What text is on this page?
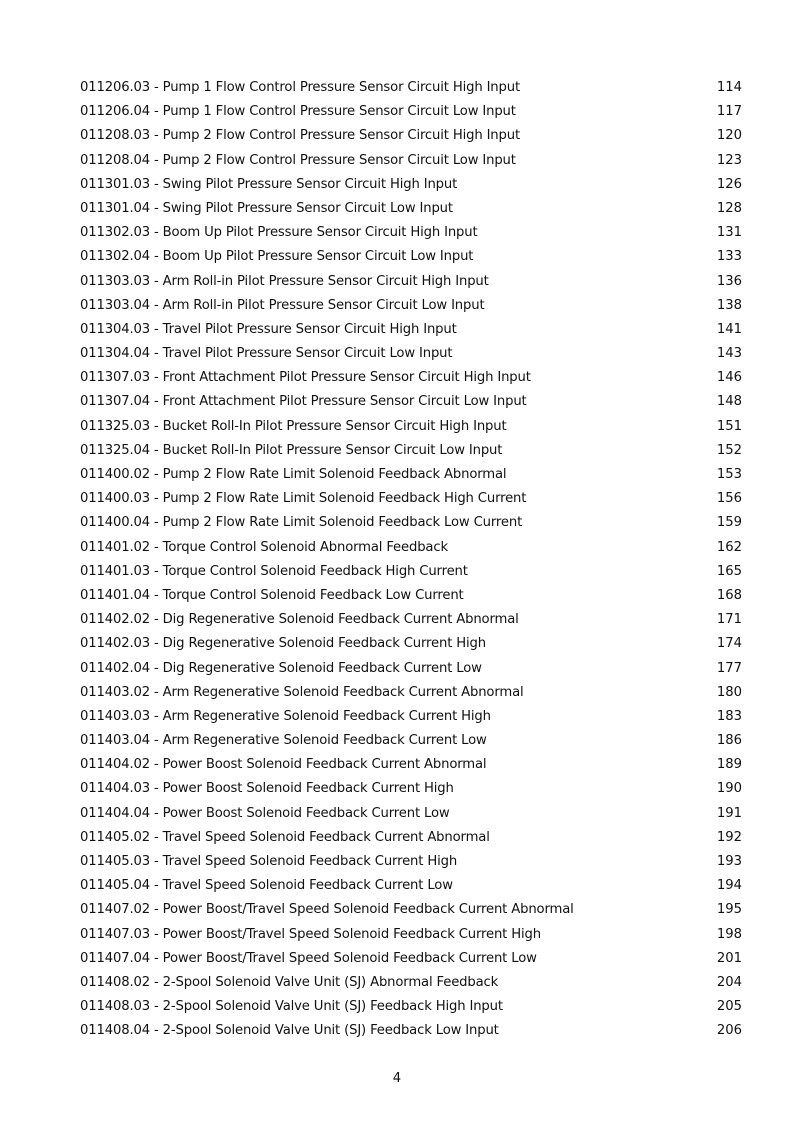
011206.03 - Pump 1 Flow Control Pressure Sensor Circuit High Input	114
011206.04 - Pump 1 Flow Control Pressure Sensor Circuit Low Input	117
011208.03 - Pump 2 Flow Control Pressure Sensor Circuit High Input	120
011208.04 - Pump 2 Flow Control Pressure Sensor Circuit Low Input	123
011301.03 - Swing Pilot Pressure Sensor Circuit High Input	126
011301.04 - Swing Pilot Pressure Sensor Circuit Low Input	128
011302.03 - Boom Up Pilot Pressure Sensor Circuit High Input	131
011302.04 - Boom Up Pilot Pressure Sensor Circuit Low Input	133
011303.03 - Arm Roll-in Pilot Pressure Sensor Circuit High Input	136
011303.04 - Arm Roll-in Pilot Pressure Sensor Circuit Low Input	138
011304.03 - Travel Pilot Pressure Sensor Circuit High Input	141
011304.04 - Travel Pilot Pressure Sensor Circuit Low Input	143
011307.03 - Front Attachment Pilot Pressure Sensor Circuit High Input	146
011307.04 - Front Attachment Pilot Pressure Sensor Circuit Low Input	148
011325.03 - Bucket Roll-In Pilot Pressure Sensor Circuit High Input	151
011325.04 - Bucket Roll-In Pilot Pressure Sensor Circuit Low Input	152
011400.02 - Pump 2 Flow Rate Limit Solenoid Feedback Abnormal	153
011400.03 - Pump 2 Flow Rate Limit Solenoid Feedback High Current	156
011400.04 - Pump 2 Flow Rate Limit Solenoid Feedback Low Current	159
011401.02 - Torque Control Solenoid Abnormal Feedback	162
011401.03 - Torque Control Solenoid Feedback High Current	165
011401.04 - Torque Control Solenoid Feedback Low Current	168
011402.02 - Dig Regenerative Solenoid Feedback Current Abnormal	171
011402.03 - Dig Regenerative Solenoid Feedback Current High	174
011402.04 - Dig Regenerative Solenoid Feedback Current Low	177
011403.02 - Arm Regenerative Solenoid Feedback Current Abnormal	180
011403.03 - Arm Regenerative Solenoid Feedback Current High	183
011403.04 - Arm Regenerative Solenoid Feedback Current Low	186
011404.02 - Power Boost Solenoid Feedback Current Abnormal	189
011404.03 - Power Boost Solenoid Feedback Current High	190
011404.04 - Power Boost Solenoid Feedback Current Low	191
011405.02 - Travel Speed Solenoid Feedback Current Abnormal	192
011405.03 - Travel Speed Solenoid Feedback Current High	193
011405.04 - Travel Speed Solenoid Feedback Current Low	194
011407.02 - Power Boost/Travel Speed Solenoid Feedback Current Abnormal	195
011407.03 - Power Boost/Travel Speed Solenoid Feedback Current High	198
011407.04 - Power Boost/Travel Speed Solenoid Feedback Current Low	201
011408.02 - 2-Spool Solenoid Valve Unit (SJ) Abnormal Feedback	204
011408.03 - 2-Spool Solenoid Valve Unit (SJ) Feedback High Input	205
011408.04 - 2-Spool Solenoid Valve Unit (SJ) Feedback Low Input	206
4
